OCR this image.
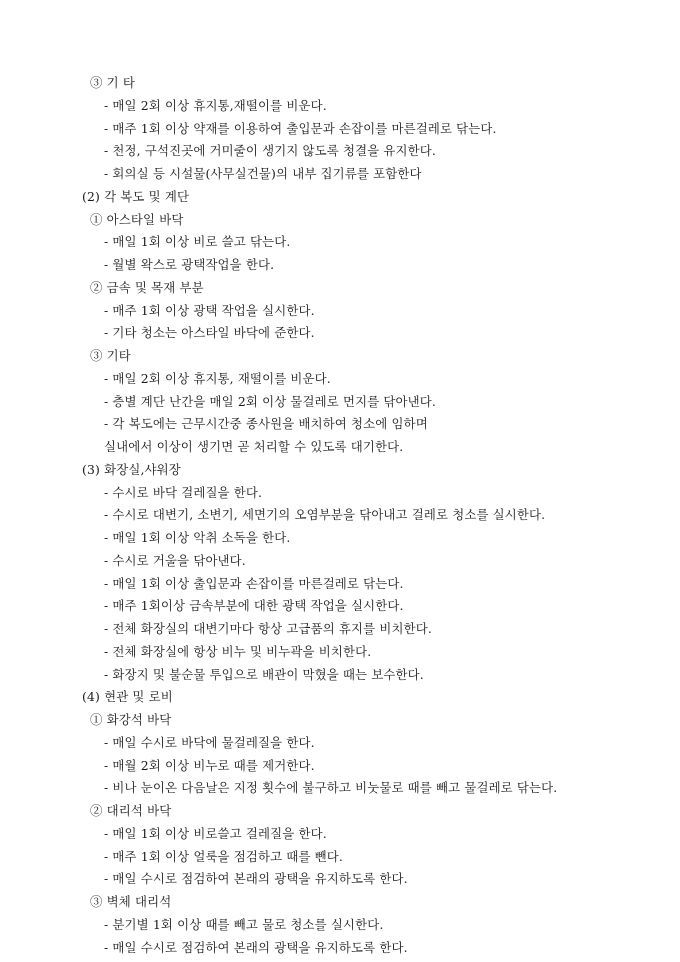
③ 기 타
- 매일 2회 이상 휴지통,재떨이를 비운다.
- 매주 1회 이상 약재를 이용하여 출입문과 손잡이를 마른걸레로 닦는다.
- 천정, 구석진곳에 거미줄이 생기지 않도록 청결을 유지한다.
- 회의실 등 시설물(사무실건물)의 내부 집기류를 포함한다
(2) 각 복도 및 계단
① 아스타일 바닥
- 매일 1회 이상 비로 쓸고 닦는다.
- 월별 왁스로 광택작업을 한다.
② 금속 및 목재 부분
- 매주 1회 이상 광택 작업을 실시한다.
- 기타 청소는 아스타일 바닥에 준한다.
③ 기타
- 매일 2회 이상 휴지통, 재떨이를 비운다.
- 층별 계단 난간을 매일 2회 이상 물걸레로 먼지를 닦아낸다.
- 각 복도에는 근무시간중 종사원을 배치하여 청소에 임하며
실내에서 이상이 생기면 곧 처리할 수 있도록 대기한다.
(3) 화장실,샤워장
- 수시로 바닥 걸레질을 한다.
- 수시로 대변기, 소변기, 세면기의 오염부분을 닦아내고 걸레로 청소를 실시한다.
- 매일 1회 이상 악취 소독을 한다.
- 수시로 거울을 닦아낸다.
- 매일 1회 이상 출입문과 손잡이를 마른걸레로 닦는다.
- 매주 1회이상 금속부분에 대한 광택 작업을 실시한다.
- 전체 화장실의 대변기마다 항상 고급품의 휴지를 비치한다.
- 전체 화장실에 항상 비누 및 비누곽을 비치한다.
- 화장지 및 불순물 투입으로 배관이 막혔을 때는 보수한다.
(4) 현관 및 로비
① 화강석 바닥
- 매일 수시로 바닥에 물걸레질을 한다.
- 매월 2회 이상 비누로 때를 제거한다.
- 비나 눈이온 다음날은 지정 횟수에 불구하고 비눗물로 때를 빼고 물걸레로 닦는다.
② 대리석 바닥
- 매일 1회 이상 비로쓸고 걸레질을 한다.
- 매주 1회 이상 얼룩을 점검하고 때를 뺀다.
- 매일 수시로 점검하여 본래의 광택을 유지하도록 한다.
③ 벽체 대리석
- 분기별 1회 이상 때를 빼고 물로 청소를 실시한다.
- 매일 수시로 점검하여 본래의 광택을 유지하도록 한다.
